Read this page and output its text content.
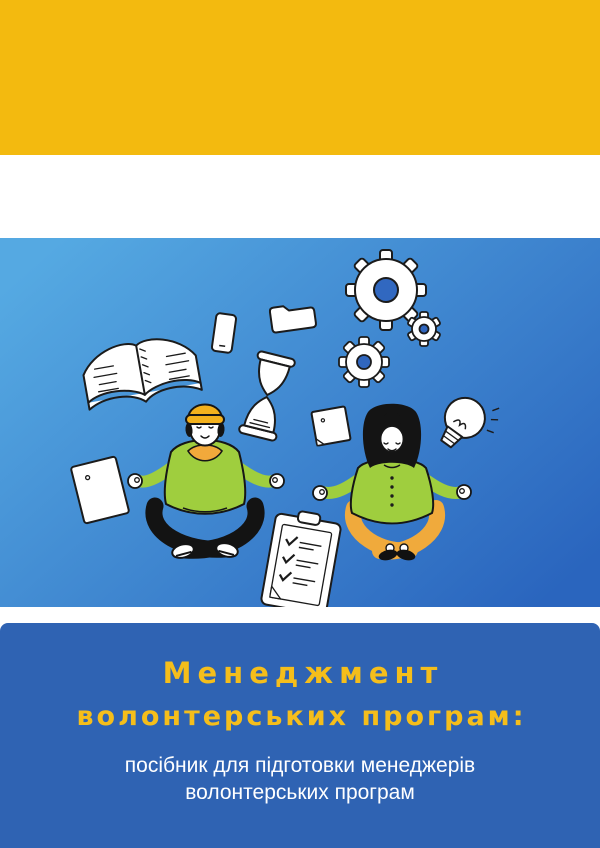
Менеджмент
волонтерських програм:
посібник для підготовки менеджерів волонтерських програм
